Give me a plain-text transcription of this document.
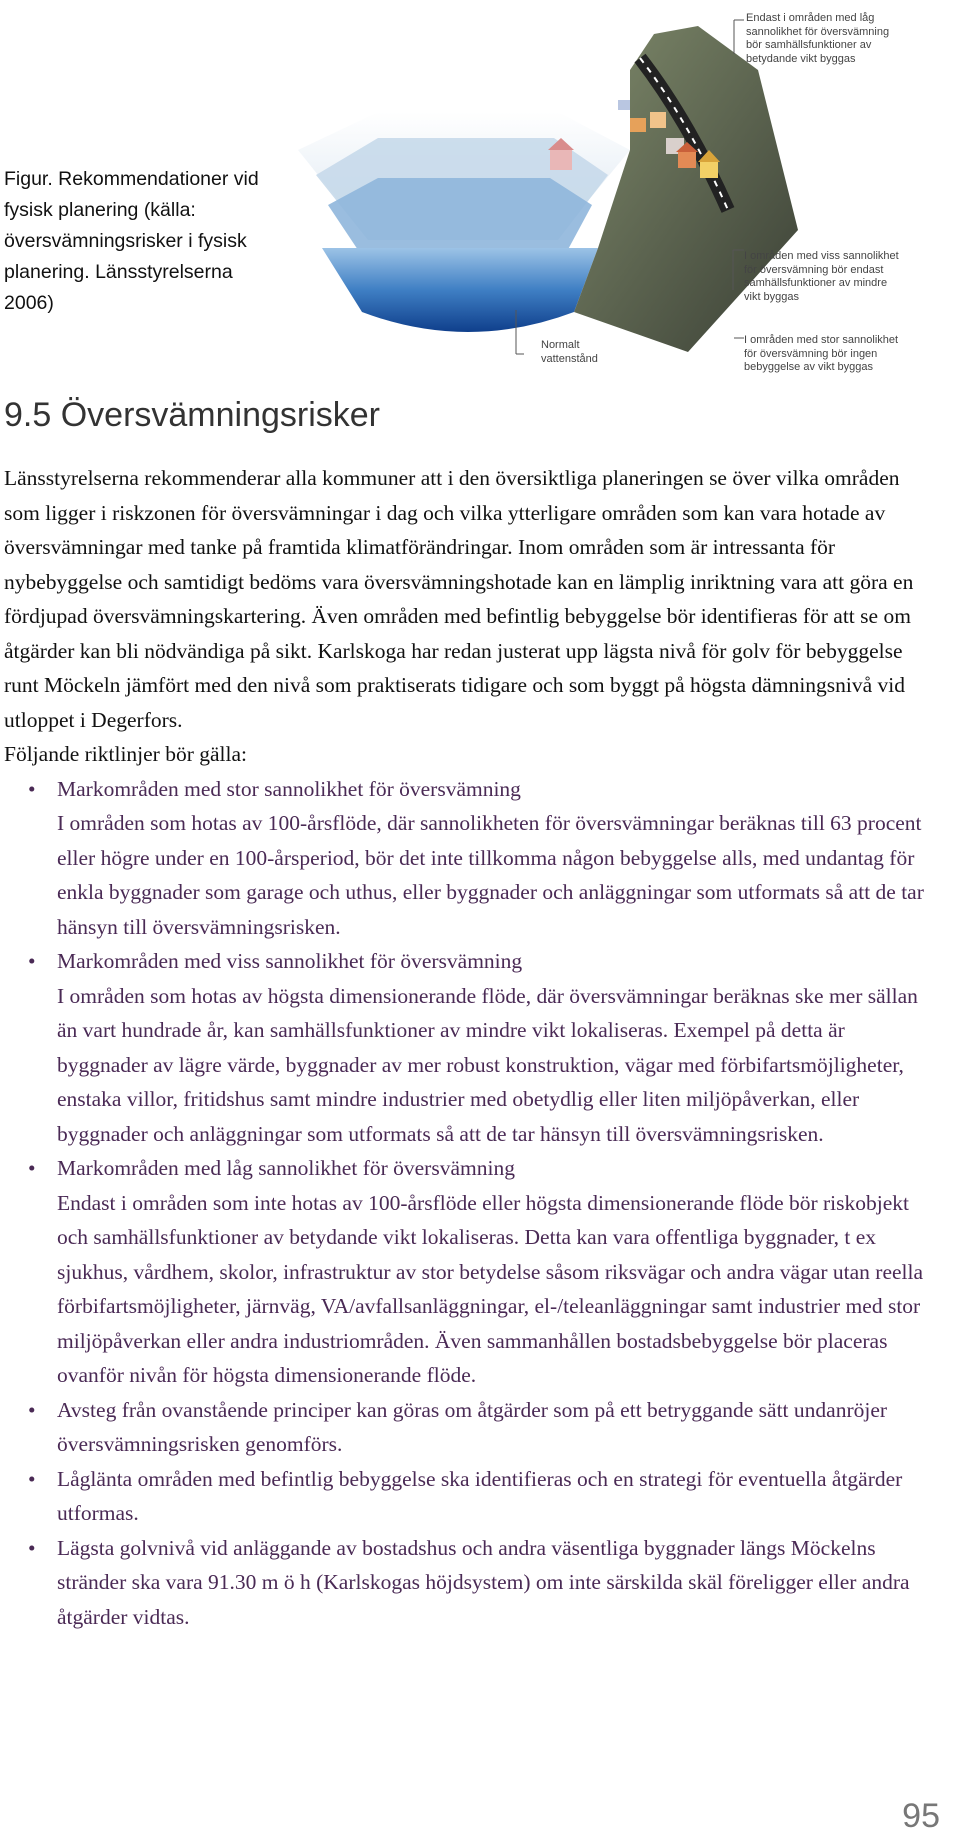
Figur. Rekommendationer vid fysisk planering (källa: översvämningsrisker i fysisk planering. Länsstyrelserna 2006)
Endast i områden med låg
sannolikhet för översvämning
bör samhällsfunktioner av
betydande vikt byggas
I områden med viss sannolikhet
för översvämning bör endast
samhällsfunktioner av mindre
vikt byggas
I områden med stor sannolikhet
för översvämning bör ingen
bebyggelse av vikt byggas
Normalt
vattenstånd
9.5 Översvämningsrisker

Länsstyrelserna rekommenderar alla kommuner att i den översiktliga planeringen se över vilka områden som ligger i riskzonen för översvämningar i dag och vilka ytterligare områden som kan vara hotade av översvämningar med tanke på framtida klimatförändringar. Inom områden som är intressanta för nybebyggelse och samtidigt bedöms vara översvämningshotade kan en lämplig inriktning vara att göra en fördjupad översvämningskartering. Även områden med befintlig bebyggelse bör identifieras för att se om åtgärder kan bli nödvändiga på sikt. Karlskoga har redan justerat upp lägsta nivå för golv för bebyggelse runt Möckeln jämfört med den nivå som praktiserats tidigare och som byggt på högsta dämningsnivå vid utloppet i Degerfors.

Följande riktlinjer bör gälla:

• Markområden med stor sannolikhet för översvämning
I områden som hotas av 100-årsflöde, där sannolikheten för översvämningar beräknas till 63 procent eller högre under en 100-årsperiod, bör det inte tillkomma någon bebyggelse alls, med undantag för enkla byggnader som garage och uthus, eller byggnader och anläggningar som utformats så att de tar hänsyn till översvämningsrisken.
• Markområden med viss sannolikhet för översvämning
I områden som hotas av högsta dimensionerande flöde, där översvämningar beräknas ske mer sällan än vart hundrade år, kan samhällsfunktioner av mindre vikt lokaliseras. Exempel på detta är byggnader av lägre värde, byggnader av mer robust konstruktion, vägar med förbifartsmöjligheter, enstaka villor, fritidshus samt mindre industrier med obetydlig eller liten miljöpåverkan, eller byggnader och anläggningar som utformats så att de tar hänsyn till översvämningsrisken.
• Markområden med låg sannolikhet för översvämning
Endast i områden som inte hotas av 100-årsflöde eller högsta dimensionerande flöde bör riskobjekt och samhällsfunktioner av betydande vikt lokaliseras. Detta kan vara offentliga byggnader, t ex sjukhus, vårdhem, skolor, infrastruktur av stor betydelse såsom riksvägar och andra vägar utan reella förbifartsmöjligheter, järnväg, VA/avfallsanläggningar, el-/teleanläggningar samt industrier med stor miljöpåverkan eller andra industriområden. Även sammanhållen bostadsbebyggelse bör placeras ovanför nivån för högsta dimensionerande flöde.
• Avsteg från ovanstående principer kan göras om åtgärder som på ett betryggande sätt undanröjer översvämningsrisken genomförs.
• Låglänta områden med befintlig bebyggelse ska identifieras och en strategi för eventuella åtgärder utformas.
• Lägsta golvnivå vid anläggande av bostadshus och andra väsentliga byggnader längs Möckelns stränder ska vara 91.30 m ö h (Karlskogas höjdsystem) om inte särskilda skäl föreligger eller andra åtgärder vidtas.
95
